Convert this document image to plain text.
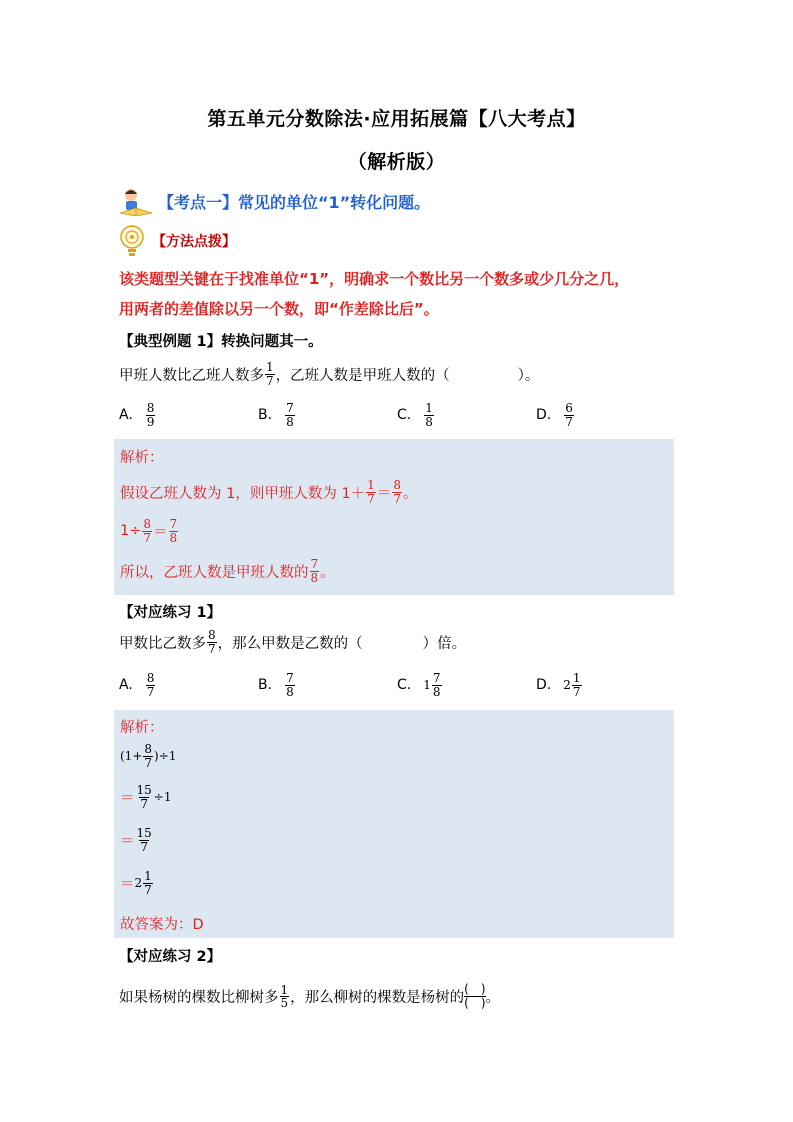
第五单元分数除法·应用拓展篇【八大考点】
（解析版）
【考点一】常见的单位“1”转化问题。
【方法点拨】
该类题型关键在于找准单位“1”，明确求一个数比另一个数多或少几分之几，
用两者的差值除以另一个数，即“作差除比后”。
【典型例题 1】转换问题其一。
甲班人数比乙班人数多 $\frac{1}{7}$ ，乙班人数是甲班人数的（	）。
A. $\frac{8}{9}$	B. $\frac{7}{8}$	C. $\frac{1}{8}$	D. $\frac{6}{7}$
解析：
假设乙班人数为 1，则甲班人数为 $1+ \frac{1}{7} = \frac{8}{7}$ 。
$1\div \frac{8}{7} = \frac{7}{8}$
所以，乙班人数是甲班人数的 $\frac{7}{8}$ 。
【对应练习 1】
甲数比乙数多 $\frac{8}{7}$ ，那么甲数是乙数的（	）倍。
A. $\frac{8}{7}$	B. $\frac{7}{8}$	C. $1 \frac{7}{8}$	D. $2 \frac{1}{7}$
解析：
$(1+ \frac{8}{7} )\div 1$
＝ $\frac{15}{7} \div 1$
＝ $\frac{15}{7}$
＝ $2 \frac{1}{7}$
故答案为：D
【对应练习 2】
如果杨树的棵数比柳树多 $\frac{1}{5}$ ，那么柳树的棵数是杨树的
(　)
(　) 。
